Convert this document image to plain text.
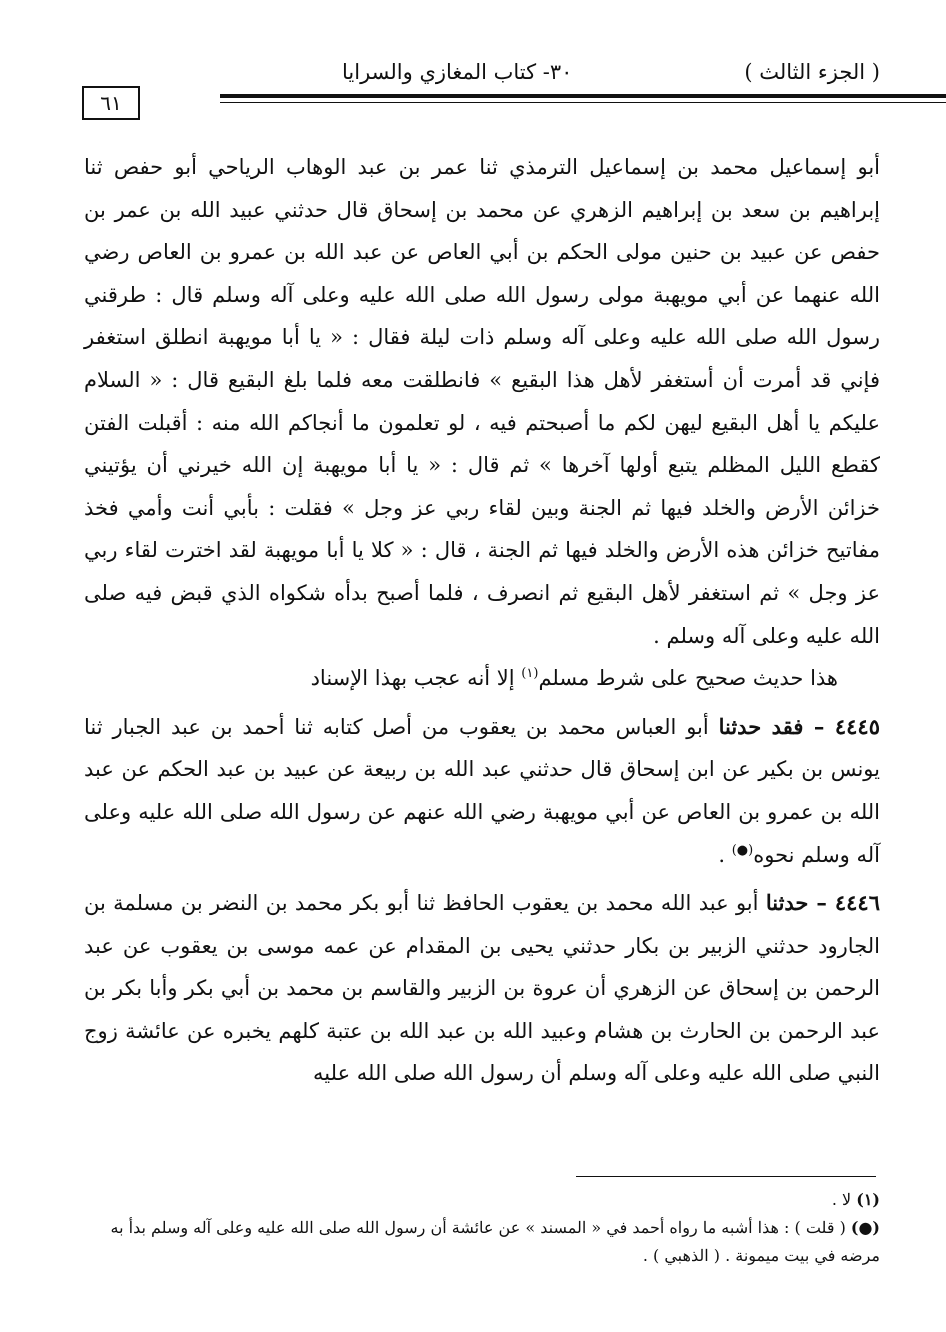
( الجزء الثالث )
٣٠- كتاب المغازي والسرايا
٦١

أبو إسماعيل محمد بن إسماعيل الترمذي ثنا عمر بن عبد الوهاب الرياحي أبو حفص ثنا إبراهيم بن سعد بن إبراهيم الزهري عن محمد بن إسحاق قال حدثني عبيد الله بن عمر بن حفص عن عبيد بن حنين مولى الحكم بن أبي العاص عن عبد الله بن عمرو بن العاص رضي الله عنهما عن أبي مويهبة مولى رسول الله صلى الله عليه وعلى آله وسلم قال : طرقني رسول الله صلى الله عليه وعلى آله وسلم ذات ليلة فقال : « يا أبا مويهبة انطلق استغفر فإني قد أمرت أن أستغفر لأهل هذا البقيع » فانطلقت معه فلما بلغ البقيع قال : « السلام عليكم يا أهل البقيع ليهن لكم ما أصبحتم فيه ، لو تعلمون ما أنجاكم الله منه : أقبلت الفتن كقطع الليل المظلم يتبع أولها آخرها » ثم قال : « يا أبا مويهبة إن الله خيرني أن يؤتيني خزائن الأرض والخلد فيها ثم الجنة وبين لقاء ربي عز وجل » فقلت : بأبي أنت وأمي فخذ مفاتيح خزائن هذه الأرض والخلد فيها ثم الجنة ، قال : « كلا يا أبا مويهبة لقد اخترت لقاء ربي عز وجل » ثم استغفر لأهل البقيع ثم انصرف ، فلما أصبح بدأه شكواه الذي قبض فيه صلى الله عليه وعلى آله وسلم .

هذا حديث صحيح على شرط مسلم$^{(١)}$ إلا أنه عجب بهذا الإسناد

٤٤٤٥ – فقد حدثنا أبو العباس محمد بن يعقوب من أصل كتابه ثنا أحمد بن عبد الجبار ثنا يونس بن بكير عن ابن إسحاق قال حدثني عبد الله بن ربيعة عن عبيد بن عبد الحكم عن عبد الله بن عمرو بن العاص عن أبي مويهبة رضي الله عنهم عن رسول الله صلى الله عليه وعلى آله وسلم نحوه(●) .

٤٤٤٦ – حدثنا أبو عبد الله محمد بن يعقوب الحافظ ثنا أبو بكر محمد بن النضر بن مسلمة بن الجارود حدثني الزبير بن بكار حدثني يحيى بن المقدام عن عمه موسى بن يعقوب عن عبد الرحمن بن إسحاق عن الزهري أن عروة بن الزبير والقاسم بن محمد بن أبي بكر وأبا بكر بن عبد الرحمن بن الحارث بن هشام وعبيد الله بن عبد الله بن عتبة كلهم يخبره عن عائشة زوج النبي صلى الله عليه وعلى آله وسلم أن رسول الله صلى الله عليه

(١) لا .

(●) ( قلت ) : هذا أشبه ما رواه أحمد في « المسند » عن عائشة أن رسول الله صلى الله عليه وعلى آله وسلم بدأ به مرضه في بيت ميمونة . ( الذهبي ) .
